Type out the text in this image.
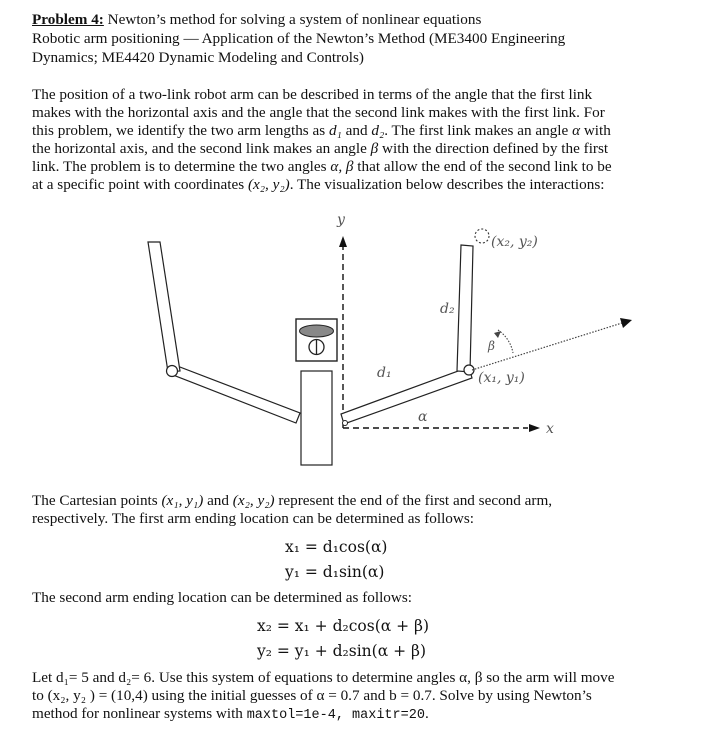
Problem 4: Newton’s method for solving a system of nonlinear equations
Robotic arm positioning — Application of the Newton’s Method (ME3400 Engineering
Dynamics; ME4420 Dynamic Modeling and Controls)
The position of a two-link robot arm can be described in terms of the angle that the first link
makes with the horizontal axis and the angle that the second link makes with the first link. For
this problem, we identify the two arm lengths as d₁ and d₂. The first link makes an angle α with
the horizontal axis, and the second link makes an angle β with the direction defined by the first
link. The problem is to determine the two angles α, β that allow the end of the second link to be
at a specific point with coordinates (x₂, y₂). The visualization below describes the interactions:
y
x
(x₂, y₂)
β
(x₁, y₁)
d₂
d₁
α
The Cartesian points (x₁, y₁) and (x₂, y₂) represent the end of the first and second arm,
respectively. The first arm ending location can be determined as follows:
x₁ = d₁cos(α)
y₁ = d₁sin(α)
The second arm ending location can be determined as follows:
x₂ = x₁ + d₂cos(α + β)
y₂ = y₁ + d₂sin(α + β)
Let d₁= 5 and d₂= 6. Use this system of equations to determine angles α, β so the arm will move
to (x₂, y₂ ) = (10,4) using the initial guesses of α = 0.7 and b = 0.7. Solve by using Newton’s
method for nonlinear systems with maxtol=1e-4, maxitr=20.
